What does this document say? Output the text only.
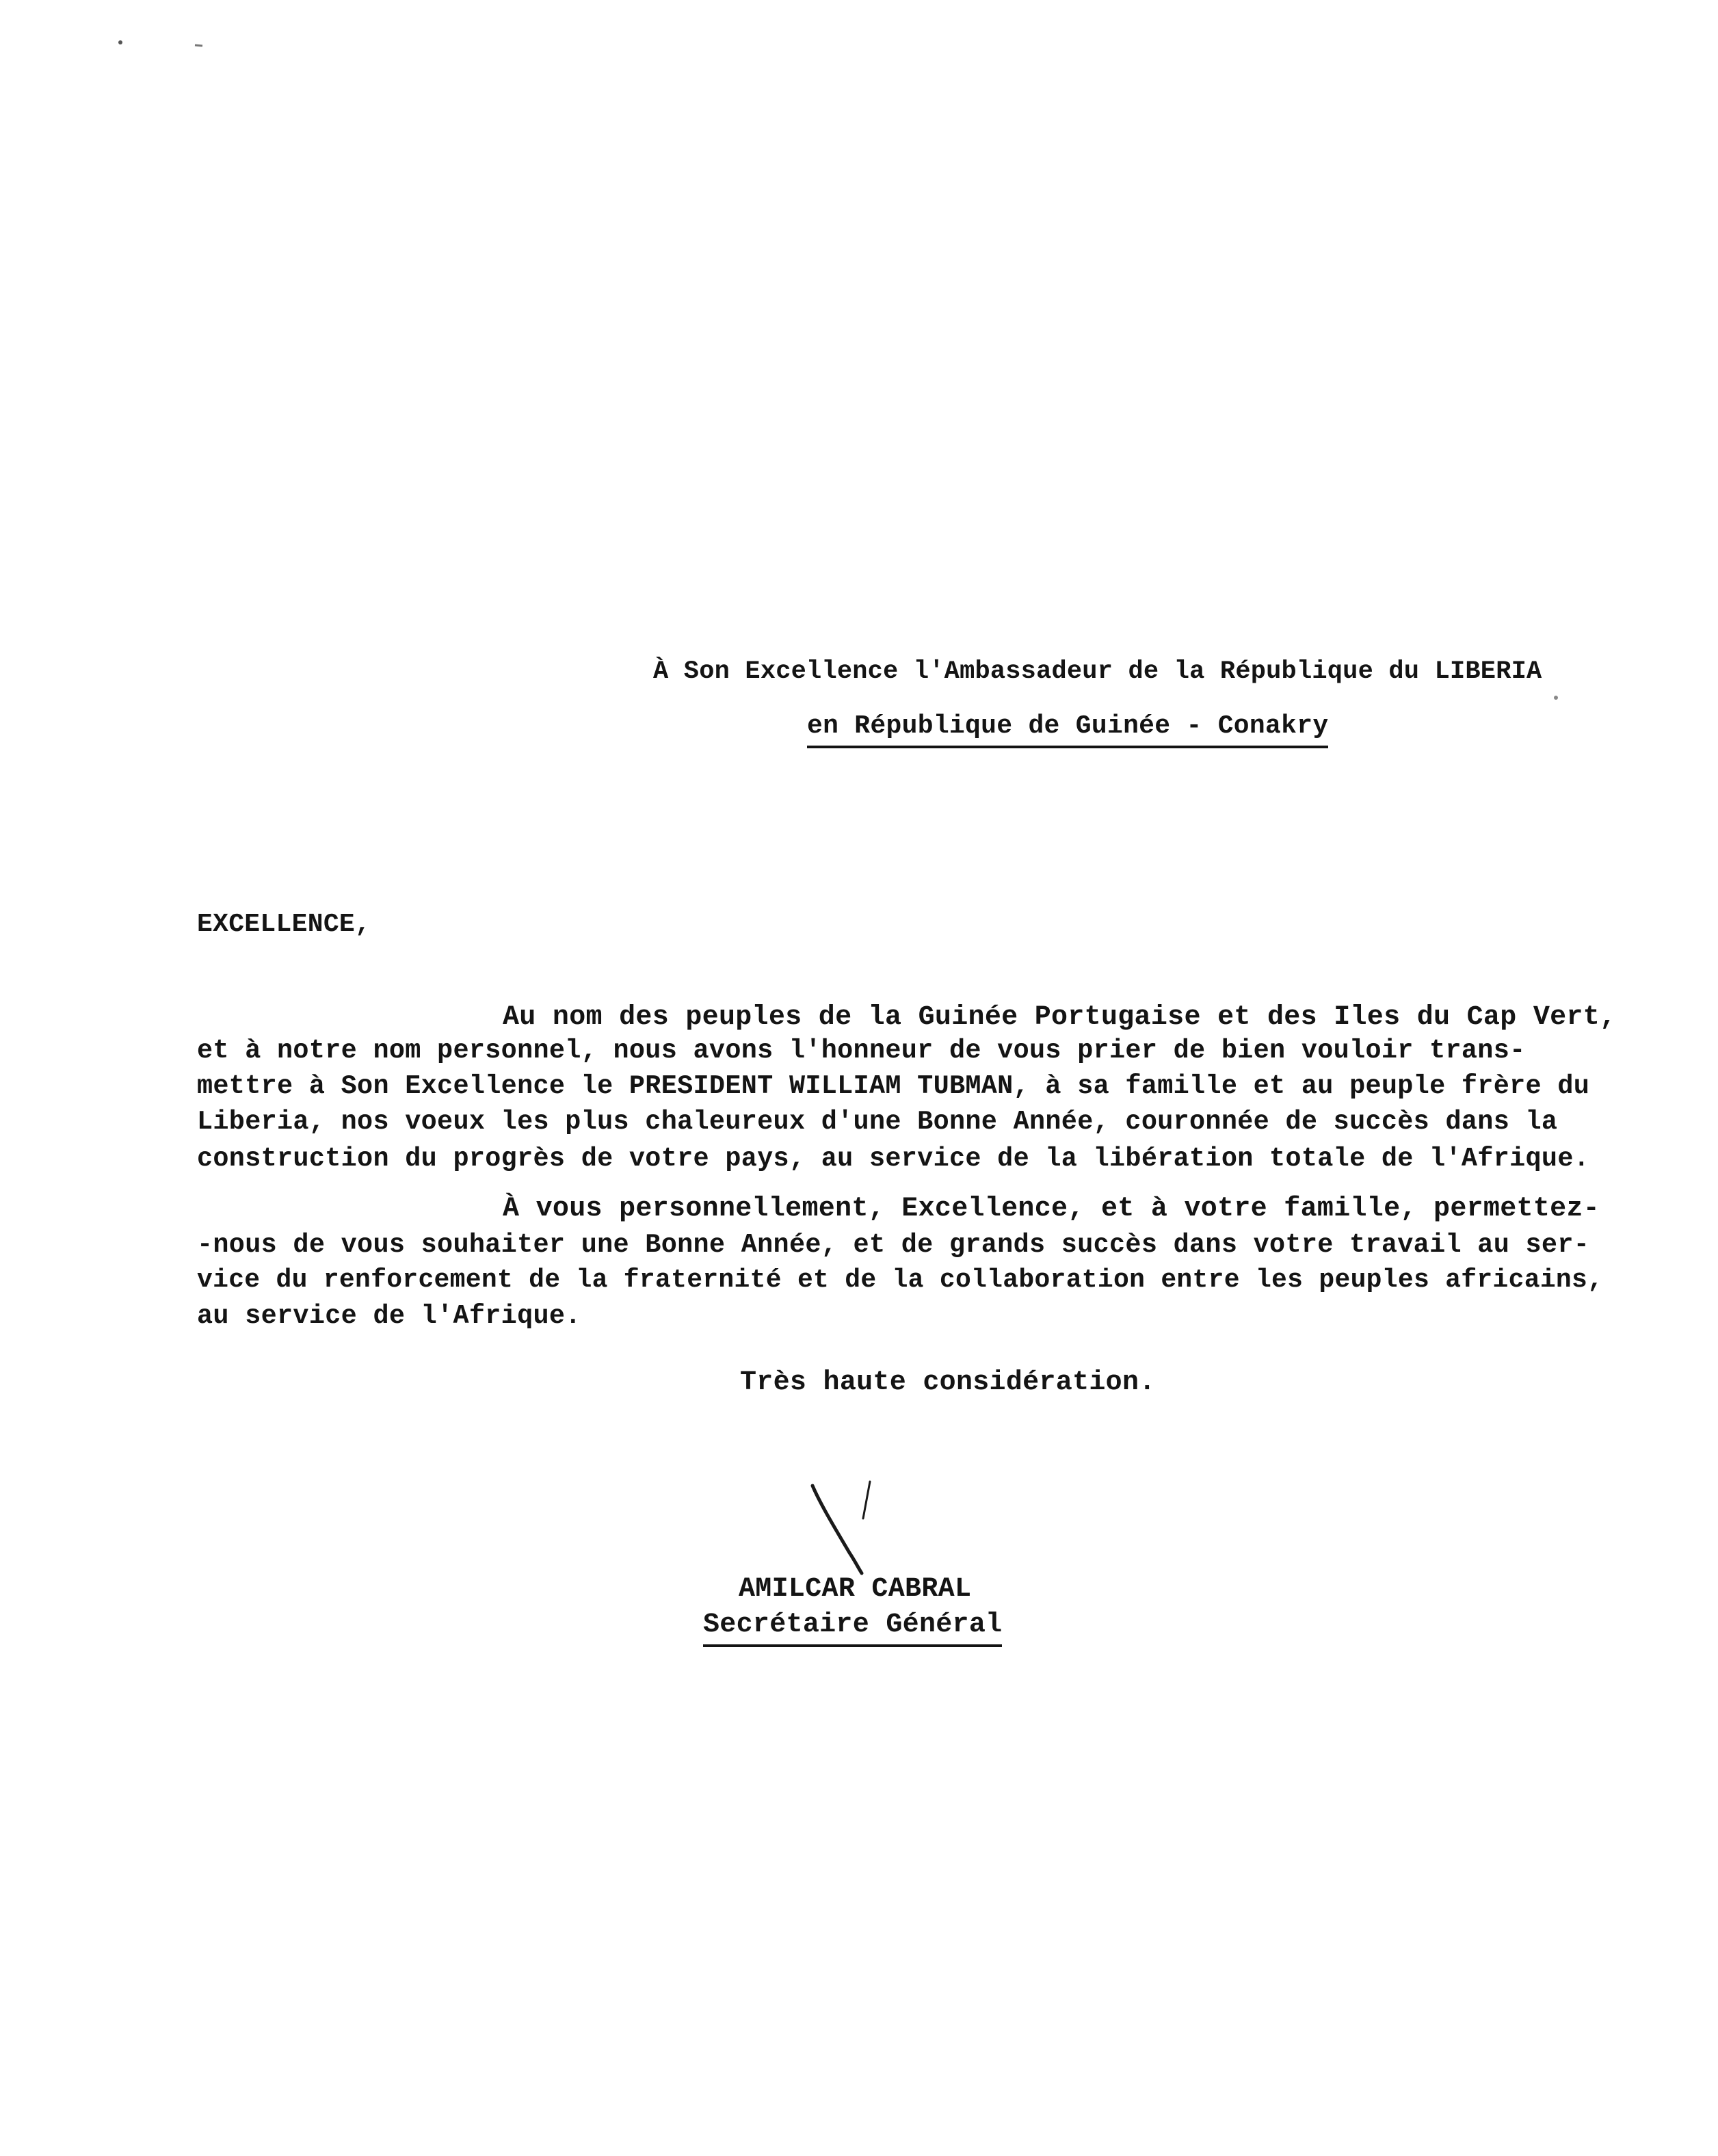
À Son Excellence l'Ambassadeur de la République du LIBERIA
en République de Guinée - Conakry
EXCELLENCE,
Au nom des peuples de la Guinée Portugaise et des Iles du Cap Vert,
et à notre nom personnel, nous avons l'honneur de vous prier de bien vouloir trans-
mettre à Son Excellence le PRESIDENT WILLIAM TUBMAN, à sa famille et au peuple frère du
Liberia, nos voeux les plus chaleureux d'une Bonne Année, couronnée de succès dans la
construction du progrès de votre pays, au service de la libération totale de l'Afrique.
À vous personnellement, Excellence, et à votre famille, permettez-
-nous de vous souhaiter une Bonne Année, et de grands succès dans votre travail au ser-
vice du renforcement de la fraternité et de la collaboration entre les peuples africains,
au service de l'Afrique.
Très haute considération.
AMILCAR CABRAL
Secrétaire Général
